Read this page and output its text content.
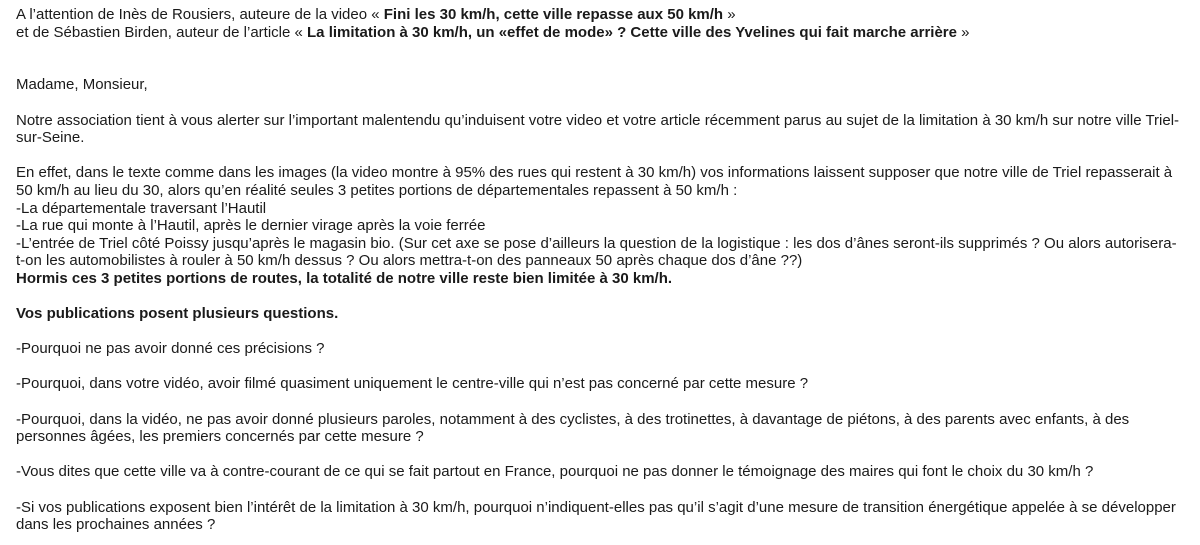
A l’attention de Inès de Rousiers, auteure de la video « Fini les 30 km/h, cette ville repasse aux 50 km/h »

et de Sébastien Birden, auteur de l’article « La limitation à 30 km/h, un «effet de mode» ? Cette ville des Yvelines qui fait marche arrière »

Madame, Monsieur,

Notre association tient à vous alerter sur l’important malentendu qu’induisent votre video et votre article récemment parus au sujet de la limitation à 30 km/h sur notre ville Triel-sur-Seine.

En effet, dans le texte comme dans les images (la video montre à 95% des rues qui restent à 30 km/h) vos informations laissent supposer que notre ville de Triel repasserait à 50 km/h au lieu du 30, alors qu’en réalité seules 3 petites portions de départementales repassent à 50 km/h :

-La départementale traversant l’Hautil

-La rue qui monte à l’Hautil, après le dernier virage après la voie ferrée

-L’entrée de Triel côté Poissy jusqu’après le magasin bio. (Sur cet axe se pose d’ailleurs la question de la logistique : les dos d’ânes seront-ils supprimés ? Ou alors autorisera-t-on les automobilistes à rouler à 50 km/h dessus ? Ou alors mettra-t-on des panneaux 50 après chaque dos d’âne ??)

Hormis ces 3 petites portions de routes, la totalité de notre ville reste bien limitée à 30 km/h.

Vos publications posent plusieurs questions.

-Pourquoi ne pas avoir donné ces précisions ?

-Pourquoi, dans votre vidéo, avoir filmé quasiment uniquement le centre-ville qui n’est pas concerné par cette mesure ?

-Pourquoi, dans la vidéo, ne pas avoir donné plusieurs paroles, notamment à des cyclistes, à des trotinettes, à davantage de piétons, à des parents avec enfants, à des personnes âgées, les premiers concernés par cette mesure ?

-Vous dites que cette ville va à contre-courant de ce qui se fait partout en France, pourquoi ne pas donner le témoignage des maires qui font le choix du 30 km/h ?

-Si vos publications exposent bien l’intérêt de la limitation à 30 km/h, pourquoi n’indiquent-elles pas qu’il s’agit d’une mesure de transition énergétique appelée à se développer dans les prochaines années ?
